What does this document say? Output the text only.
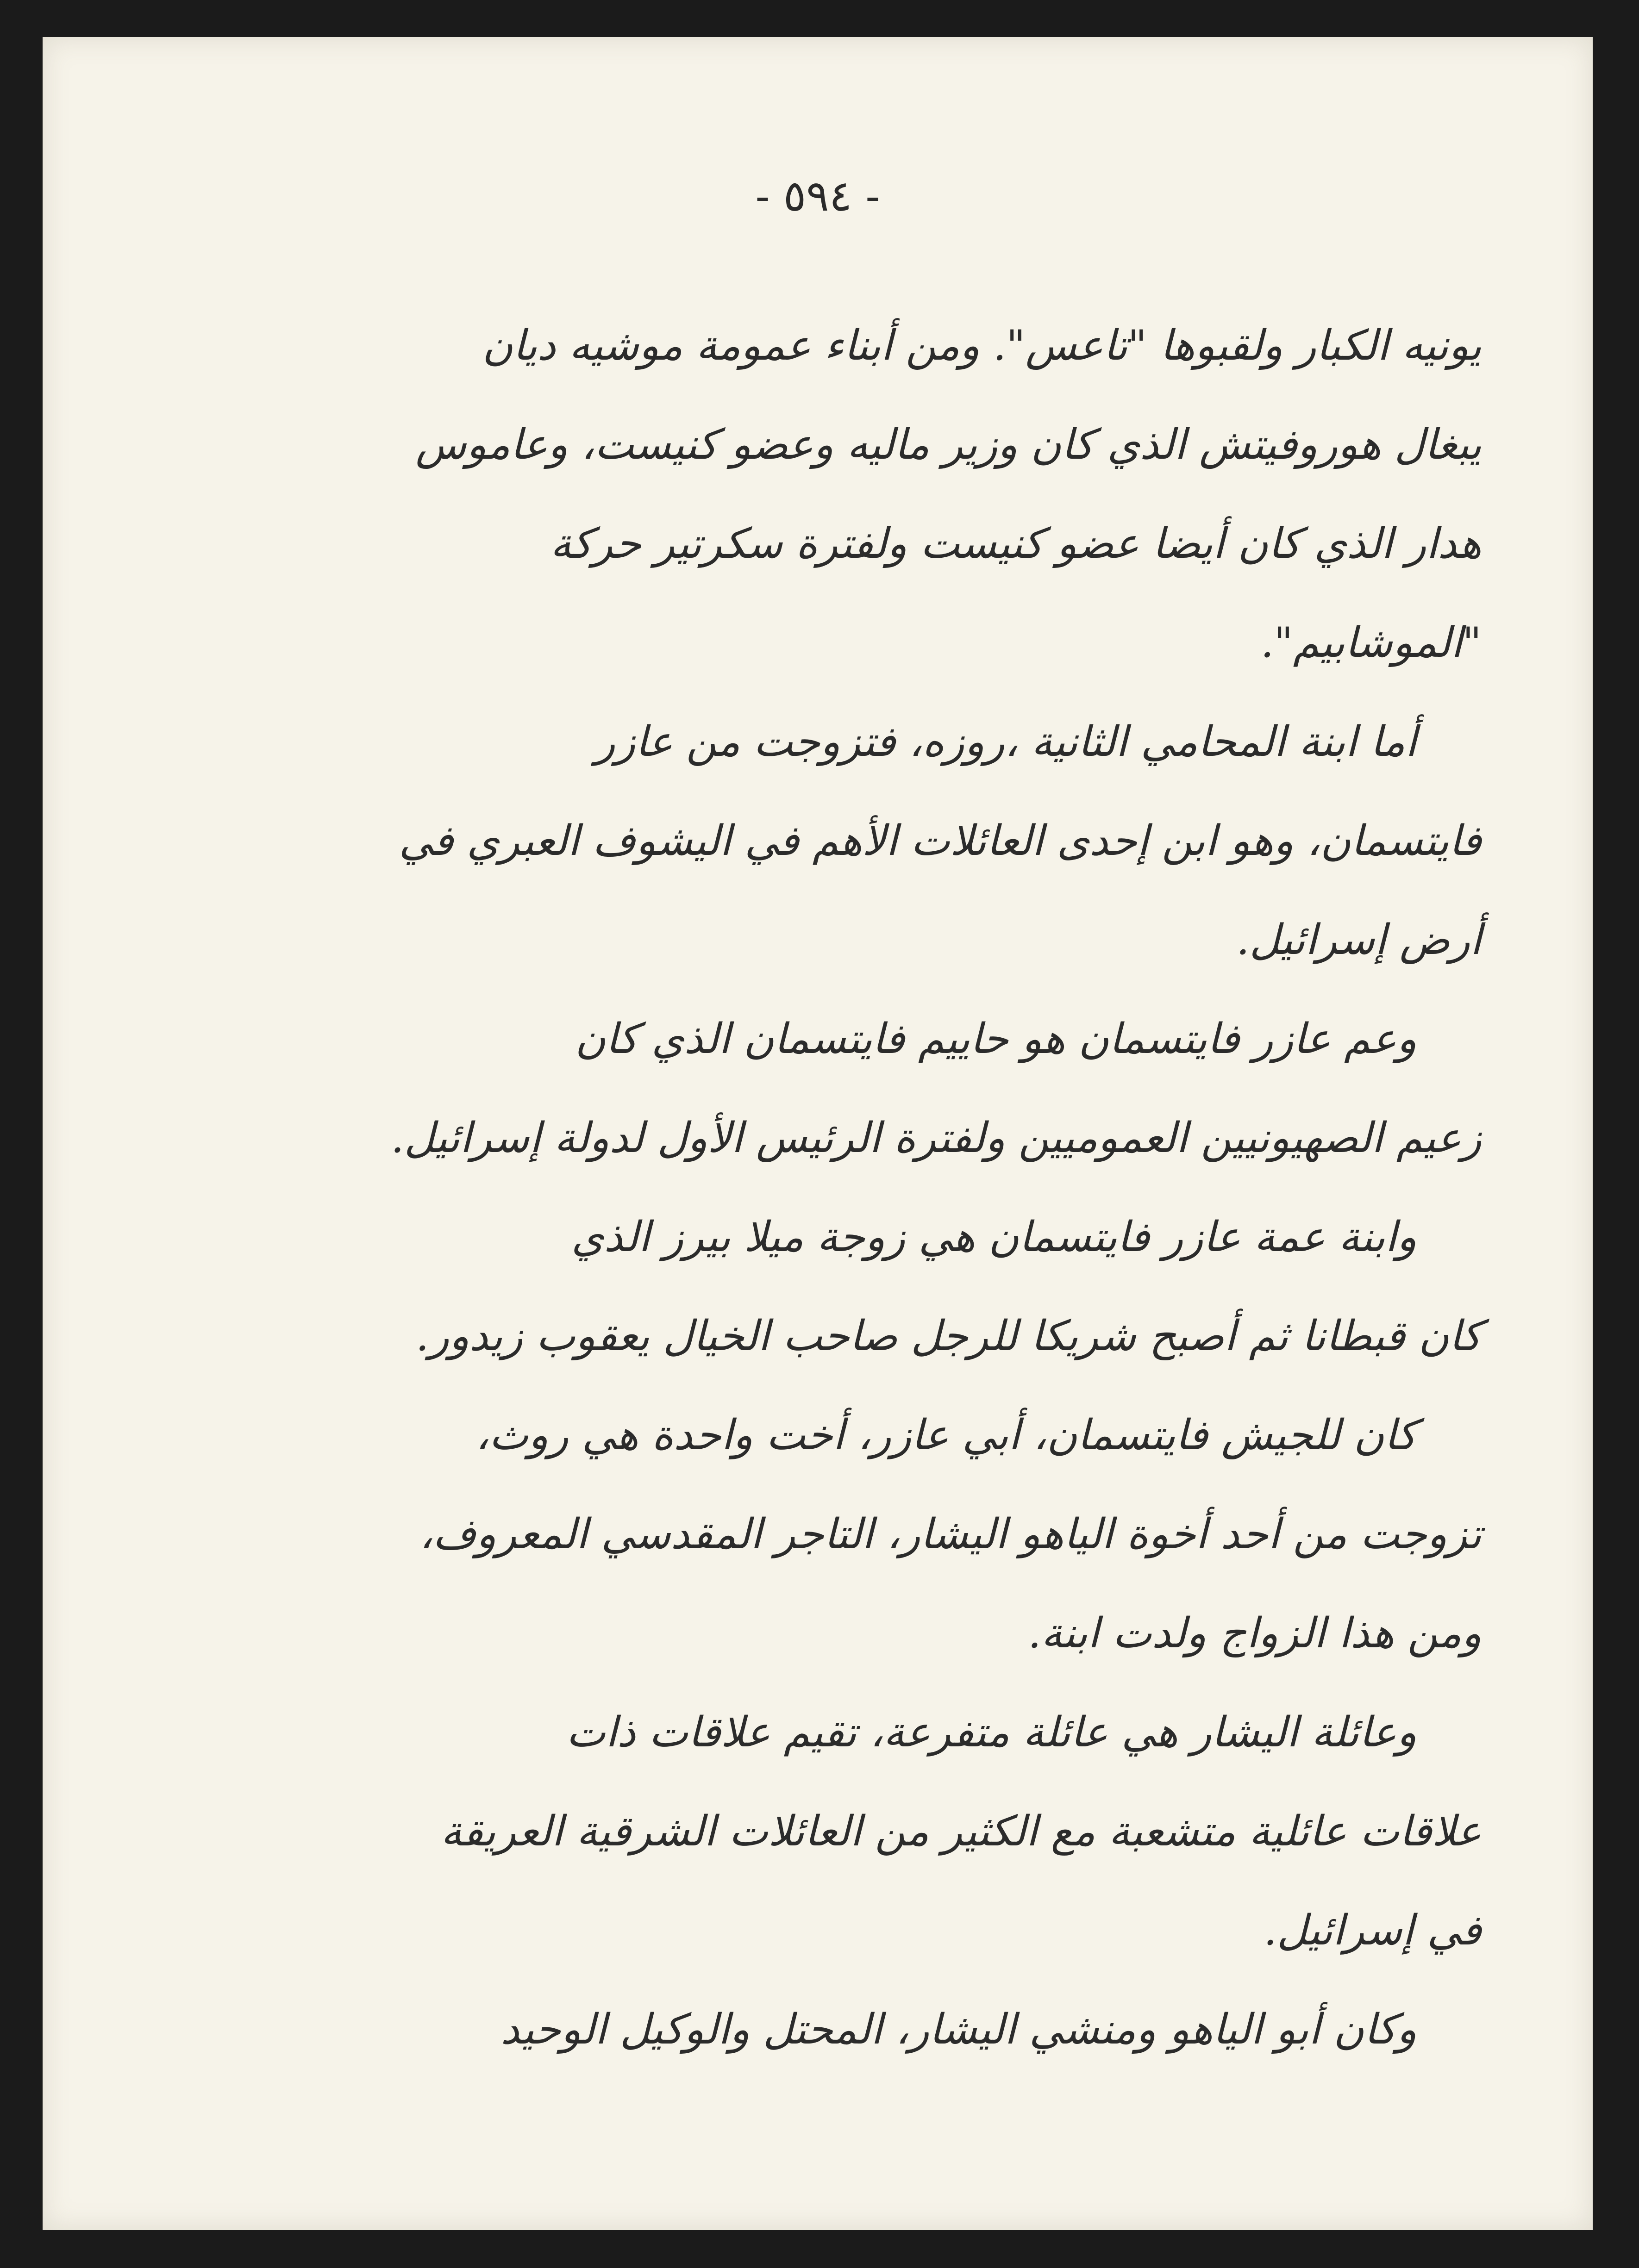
- ٥٩٤ -
يونيه الكبار ولقبوها "تاعس". ومن أبناء عمومة موشيه ديان
يبغال هوروفيتش الذي كان وزير ماليه وعضو كنيست، وعاموس
هدار الذي كان أيضا عضو كنيست ولفترة سكرتير حركة
"الموشابيم".
أما ابنة المحامي الثانية ،روزه، فتزوجت من عازر
فايتسمان، وهو ابن إحدى العائلات الأهم في اليشوف العبري في
أرض إسرائيل.
وعم عازر فايتسمان هو حاييم فايتسمان الذي كان
زعيم الصهيونيين العموميين ولفترة الرئيس الأول لدولة إسرائيل.
وابنة عمة عازر فايتسمان هي زوجة ميلا بيرز الذي
كان قبطانا ثم أصبح شريكا للرجل صاحب الخيال يعقوب زيدور.
كان للجيش فايتسمان، أبي عازر، أخت واحدة هي روث،
تزوجت من أحد أخوة الياهو اليشار، التاجر المقدسي المعروف،
ومن هذا الزواج ولدت ابنة.
وعائلة اليشار هي عائلة متفرعة، تقيم علاقات ذات
علاقات عائلية متشعبة مع الكثير من العائلات الشرقية العريقة
في إسرائيل.
وكان أبو الياهو ومنشي اليشار، المحتل والوكيل الوحيد
